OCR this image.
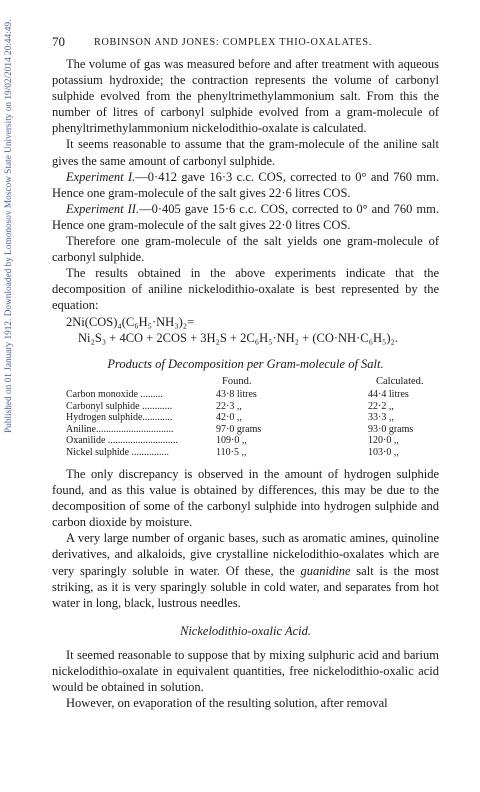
Published on 01 January 1912. Downloaded by Lomonosov Moscow State University on 19/02/2014 20:44:49.	70	ROBINSON AND JONES: COMPLEX THIO-OXALATES.

The volume of gas was measured before and after treatment with aqueous potassium hydroxide; the contraction represents the volume of carbonyl sulphide evolved from the phenyltrimethylammonium salt. From this the number of litres of carbonyl sulphide evolved from a gram-molecule of phenyltrimethylammonium nickelodithio-oxalate is calculated.

It seems reasonable to assume that the gram-molecule of the aniline salt gives the same amount of carbonyl sulphide.

Experiment I.—0·412 gave 16·3 c.c. COS, corrected to 0° and 760 mm. Hence one gram-molecule of the salt gives 22·6 litres COS.

Experiment II.—0·405 gave 15·6 c.c. COS, corrected to 0° and 760 mm. Hence one gram-molecule of the salt gives 22·0 litres COS.

Therefore one gram-molecule of the salt yields one gram-molecule of carbonyl sulphide.

The results obtained in the above experiments indicate that the decomposition of aniline nickelodithio-oxalate is best represented by the equation:

2Ni(COS)₄(C₆H₅·NH₃)₂=
Ni₂S₃ + 4CO + 2COS + 3H₂S + 2C₆H₅·NH₂ + (CO·NH·C₆H₅)₂.
Products of Decomposition per Gram-molecule of Salt.
	Found.	Calculated.
Carbon monoxide .........	43·8 litres	44·4 litres
Carbonyl sulphide ............	22·3 ,,	22·2 ,,
Hydrogen sulphide............	42·0 ,,	33·3 ,,
Aniline...............................	97·0 grams	93·0 grams
Oxanilide ............................	109·0 ,,	120·0 ,,
Nickel sulphide ...............	110·5 ,,	103·0 ,,

The only discrepancy is observed in the amount of hydrogen sulphide found, and as this value is obtained by differences, this may be due to the decomposition of some of the carbonyl sulphide into hydrogen sulphide and carbon dioxide by moisture.

A very large number of organic bases, such as aromatic amines, quinoline derivatives, and alkaloids, give crystalline nickelodithio-oxalates which are very sparingly soluble in water. Of these, the guanidine salt is the most striking, as it is very sparingly soluble in cold water, and separates from hot water in long, black, lustrous needles.

Nickelodithio-oxalic Acid.

It seemed reasonable to suppose that by mixing sulphuric acid and barium nickelodithio-oxalate in equivalent quantities, free nickelodithio-oxalic acid would be obtained in solution.

However, on evaporation of the resulting solution, after removal
